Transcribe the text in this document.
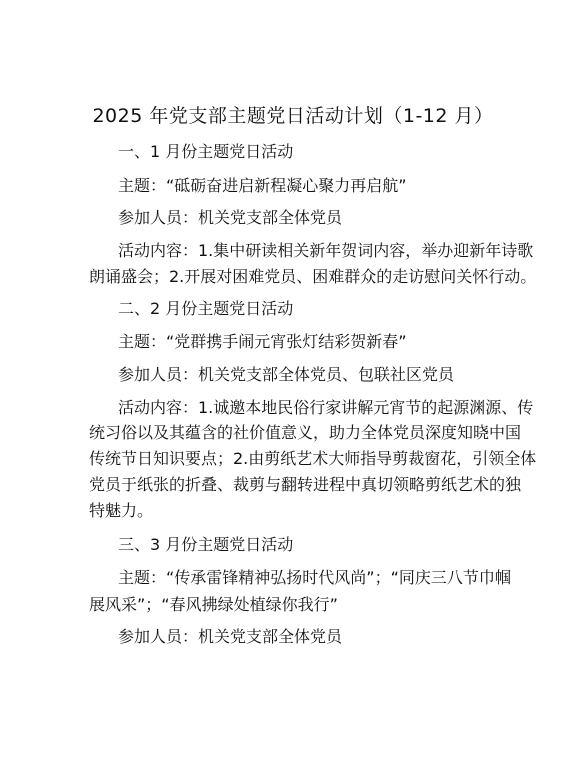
2025 年党支部主题党日活动计划（1-12 月）
一、1 月份主题党日活动
主题：“砥砺奋进启新程凝心聚力再启航”
参加人员：机关党支部全体党员
活动内容：1.集中研读相关新年贺词内容，举办迎新年诗歌
朗诵盛会；2.开展对困难党员、困难群众的走访慰问关怀行动。
二、2 月份主题党日活动
主题：“党群携手闹元宵张灯结彩贺新春”
参加人员：机关党支部全体党员、包联社区党员
活动内容：1.诚邀本地民俗行家讲解元宵节的起源渊源、传
统习俗以及其蕴含的社价值意义，助力全体党员深度知晓中国
传统节日知识要点；2.由剪纸艺术大师指导剪裁窗花，引领全体
党员于纸张的折叠、裁剪与翻转进程中真切领略剪纸艺术的独
特魅力。
三、3 月份主题党日活动
主题：“传承雷锋精神弘扬时代风尚”；“同庆三八节巾帼
展风采”；“春风拂绿处植绿你我行”
参加人员：机关党支部全体党员
